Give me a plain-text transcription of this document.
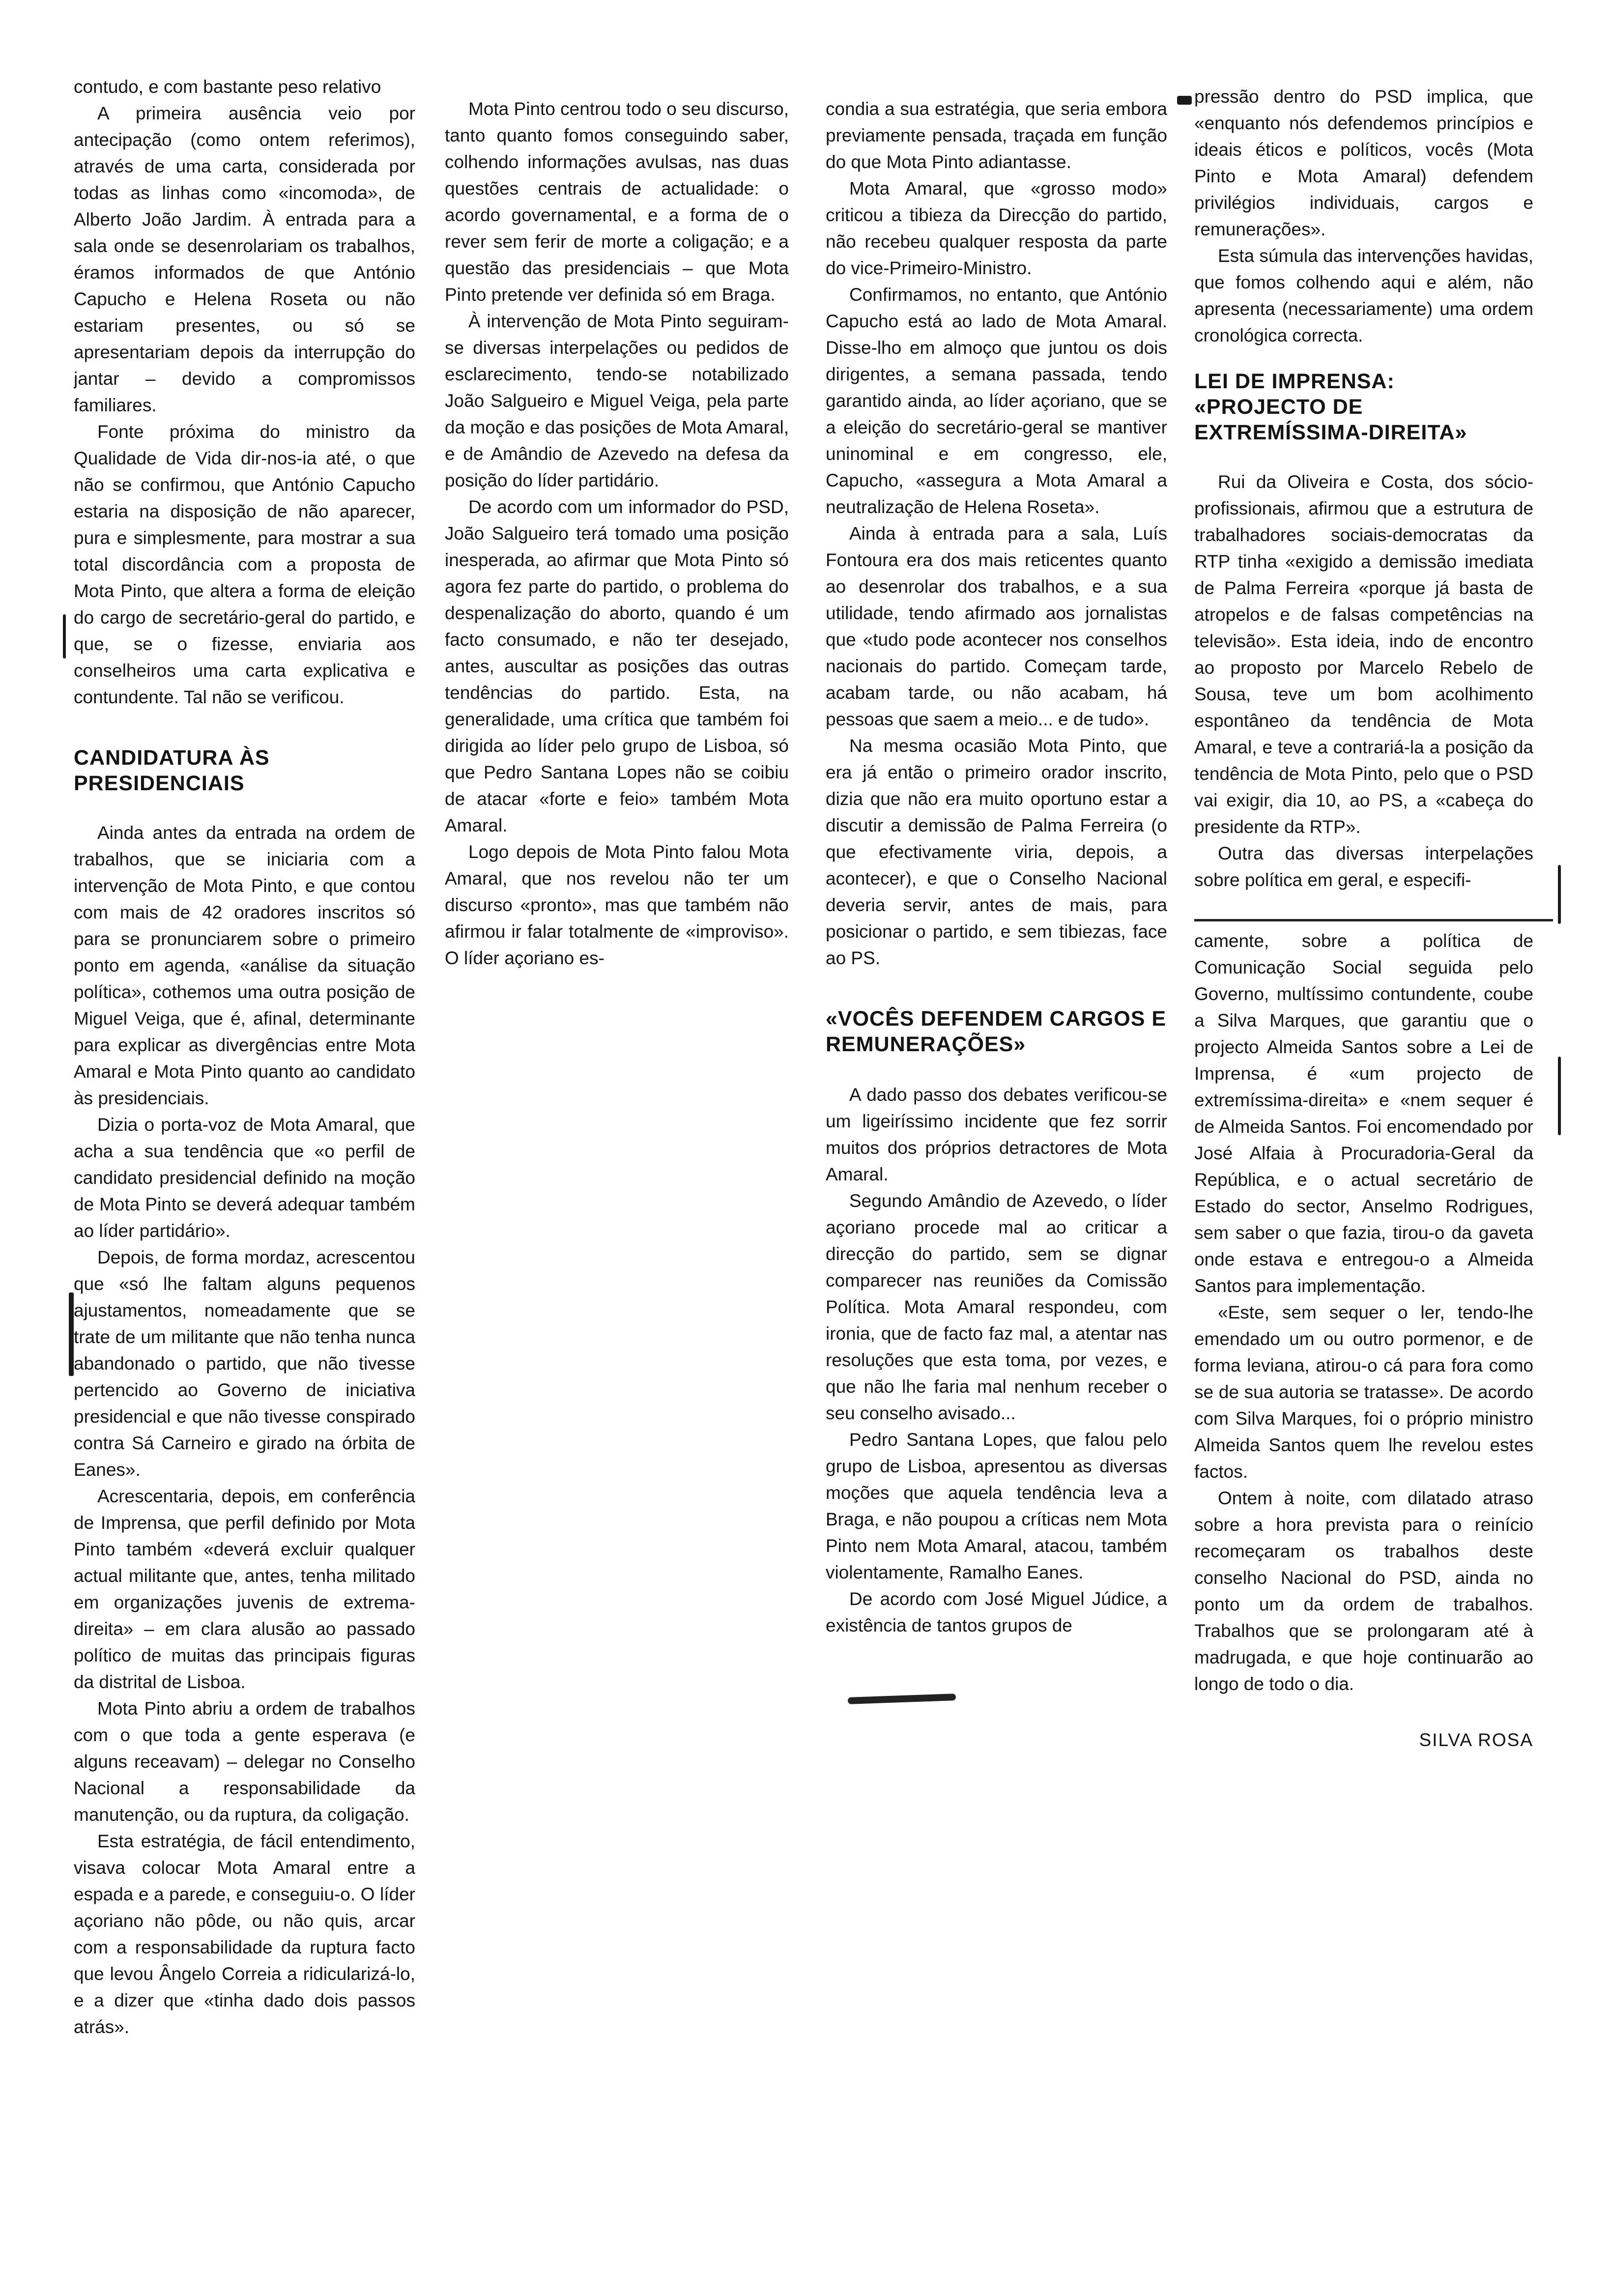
contudo, e com bastante peso relativo

A primeira ausência veio por antecipação (como ontem referimos), através de uma carta, considerada por todas as linhas como «incomoda», de Alberto João Jardim. À entrada para a sala onde se desenrolariam os trabalhos, éramos informados de que António Capucho e Helena Roseta ou não estariam presentes, ou só se apresentariam depois da interrupção do jantar – devido a compromissos familiares.

Fonte próxima do ministro da Qualidade de Vida dir-nos-ia até, o que não se confirmou, que António Capucho estaria na disposição de não aparecer, pura e simplesmente, para mostrar a sua total discordância com a proposta de Mota Pinto, que altera a forma de eleição do cargo de secretário-geral do partido, e que, se o fizesse, enviaria aos conselheiros uma carta explicativa e contundente. Tal não se verificou.

CANDIDATURA ÀS PRESIDENCIAIS

Ainda antes da entrada na ordem de trabalhos, que se iniciaria com a intervenção de Mota Pinto, e que contou com mais de 42 oradores inscritos só para se pronunciarem sobre o primeiro ponto em agenda, «análise da situação política», cothemos uma outra posição de Miguel Veiga, que é, afinal, determinante para explicar as divergências entre Mota Amaral e Mota Pinto quanto ao candidato às presidenciais.

Dizia o porta-voz de Mota Amaral, que acha a sua tendência que «o perfil de candidato presidencial definido na moção de Mota Pinto se deverá adequar também ao líder partidário».

Depois, de forma mordaz, acrescentou que «só lhe faltam alguns pequenos ajustamentos, nomeadamente que se trate de um militante que não tenha nunca abandonado o partido, que não tivesse pertencido ao Governo de iniciativa presidencial e que não tivesse conspirado contra Sá Carneiro e girado na órbita de Eanes».

Acrescentaria, depois, em conferência de Imprensa, que perfil definido por Mota Pinto também «deverá excluir qualquer actual militante que, antes, tenha militado em organizações juvenis de extrema-direita» – em clara alusão ao passado político de muitas das principais figuras da distrital de Lisboa.

Mota Pinto abriu a ordem de trabalhos com o que toda a gente esperava (e alguns receavam) – delegar no Conselho Nacional a responsabilidade da manutenção, ou da ruptura, da coligação.

Esta estratégia, de fácil entendimento, visava colocar Mota Amaral entre a espada e a parede, e conseguiu-o. O líder açoriano não pôde, ou não quis, arcar com a responsabilidade da ruptura facto que levou Ângelo Correia a ridicularizá-lo, e a dizer que «tinha dado dois passos atrás».

Mota Pinto centrou todo o seu discurso, tanto quanto fomos conseguindo saber, colhendo informações avulsas, nas duas questões centrais de actualidade: o acordo governamental, e a forma de o rever sem ferir de morte a coligação; e a questão das presidenciais – que Mota Pinto pretende ver definida só em Braga.

À intervenção de Mota Pinto seguiram-se diversas interpelações ou pedidos de esclarecimento, tendo-se notabilizado João Salgueiro e Miguel Veiga, pela parte da moção e das posições de Mota Amaral, e de Amândio de Azevedo na defesa da posição do líder partidário.

De acordo com um informador do PSD, João Salgueiro terá tomado uma posição inesperada, ao afirmar que Mota Pinto só agora fez parte do partido, o problema do despenalização do aborto, quando é um facto consumado, e não ter desejado, antes, auscultar as posições das outras tendências do partido. Esta, na generalidade, uma crítica que também foi dirigida ao líder pelo grupo de Lisboa, só que Pedro Santana Lopes não se coibiu de atacar «forte e feio» também Mota Amaral.

Logo depois de Mota Pinto falou Mota Amaral, que nos revelou não ter um discurso «pronto», mas que também não afirmou ir falar totalmente de «improviso». O líder açoriano es-

condia a sua estratégia, que seria embora previamente pensada, traçada em função do que Mota Pinto adiantasse.

Mota Amaral, que «grosso modo» criticou a tibieza da Direcção do partido, não recebeu qualquer resposta da parte do vice-Primeiro-Ministro.

Confirmamos, no entanto, que António Capucho está ao lado de Mota Amaral. Disse-lho em almoço que juntou os dois dirigentes, a semana passada, tendo garantido ainda, ao líder açoriano, que se a eleição do secretário-geral se mantiver uninominal e em congresso, ele, Capucho, «assegura a Mota Amaral a neutralização de Helena Roseta».

Ainda à entrada para a sala, Luís Fontoura era dos mais reticentes quanto ao desenrolar dos trabalhos, e a sua utilidade, tendo afirmado aos jornalistas que «tudo pode acontecer nos conselhos nacionais do partido. Começam tarde, acabam tarde, ou não acabam, há pessoas que saem a meio... e de tudo».

Na mesma ocasião Mota Pinto, que era já então o primeiro orador inscrito, dizia que não era muito oportuno estar a discutir a demissão de Palma Ferreira (o que efectivamente viria, depois, a acontecer), e que o Conselho Nacional deveria servir, antes de mais, para posicionar o partido, e sem tibiezas, face ao PS.

«VOCÊS DEFENDEM CARGOS E REMUNERAÇÕES»

A dado passo dos debates verificou-se um ligeiríssimo incidente que fez sorrir muitos dos próprios detractores de Mota Amaral.

Segundo Amândio de Azevedo, o líder açoriano procede mal ao criticar a direcção do partido, sem se dignar comparecer nas reuniões da Comissão Política. Mota Amaral respondeu, com ironia, que de facto faz mal, a atentar nas resoluções que esta toma, por vezes, e que não lhe faria mal nenhum receber o seu conselho avisado...

Pedro Santana Lopes, que falou pelo grupo de Lisboa, apresentou as diversas moções que aquela tendência leva a Braga, e não poupou a críticas nem Mota Pinto nem Mota Amaral, atacou, também violentamente, Ramalho Eanes.

De acordo com José Miguel Júdice, a existência de tantos grupos de

pressão dentro do PSD implica, que «enquanto nós defendemos princípios e ideais éticos e políticos, vocês (Mota Pinto e Mota Amaral) defendem privilégios individuais, cargos e remunerações».

Esta súmula das intervenções havidas, que fomos colhendo aqui e além, não apresenta (necessariamente) uma ordem cronológica correcta.

LEI DE IMPRENSA: «PROJECTO DE EXTREMÍSSIMA-DIREITA»

Rui da Oliveira e Costa, dos sócio-profissionais, afirmou que a estrutura de trabalhadores sociais-democratas da RTP tinha «exigido a demissão imediata de Palma Ferreira «porque já basta de atropelos e de falsas competências na televisão». Esta ideia, indo de encontro ao proposto por Marcelo Rebelo de Sousa, teve um bom acolhimento espontâneo da tendência de Mota Amaral, e teve a contrariá-la a posição da tendência de Mota Pinto, pelo que o PSD vai exigir, dia 10, ao PS, a «cabeça do presidente da RTP».

Outra das diversas interpelações sobre política em geral, e especifi-

camente, sobre a política de Comunicação Social seguida pelo Governo, multíssimo contundente, coube a Silva Marques, que garantiu que o projecto Almeida Santos sobre a Lei de Imprensa, é «um projecto de extremíssima-direita» e «nem sequer é de Almeida Santos. Foi encomendado por José Alfaia à Procuradoria-Geral da República, e o actual secretário de Estado do sector, Anselmo Rodrigues, sem saber o que fazia, tirou-o da gaveta onde estava e entregou-o a Almeida Santos para implementação.

«Este, sem sequer o ler, tendo-lhe emendado um ou outro pormenor, e de forma leviana, atirou-o cá para fora como se de sua autoria se tratasse». De acordo com Silva Marques, foi o próprio ministro Almeida Santos quem lhe revelou estes factos.

Ontem à noite, com dilatado atraso sobre a hora prevista para o reinício recomeçaram os trabalhos deste conselho Nacional do PSD, ainda no ponto um da ordem de trabalhos. Trabalhos que se prolongaram até à madrugada, e que hoje continuarão ao longo de todo o dia.

SILVA ROSA
